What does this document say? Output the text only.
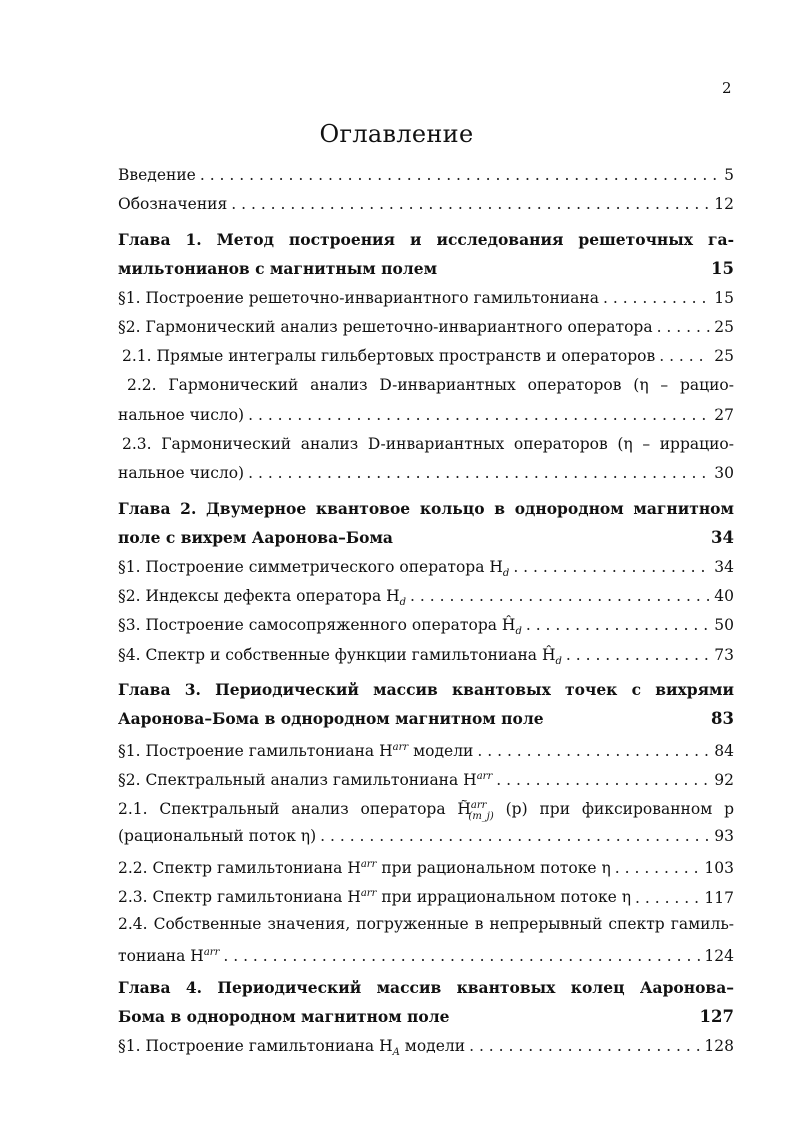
2
Оглавление
Введение . . .	5
Обозначения . . .	12
Глава 1. Метод построения и исследования решеточных га-
мильтонианов с магнитным полем	15
§1. Построение решеточно-инвариантного гамильтониана . . .	15
§2. Гармонический анализ решеточно-инвариантного оператора . . .	25
2.1. Прямые интегралы гильбертовых пространств и операторов . . .	25
2.2. Гармонический анализ D-инвариантных операторов (η – рацио-
нальное число) . . .	27
2.3. Гармонический анализ D-инвариантных операторов (η – иррацио-
нальное число) . . .	30
Глава 2. Двумерное квантовое кольцо в однородном магнитном
поле с вихрем Ааронова–Бома	34
§1. Построение симметрического оператора $H_d$ . . .	34
§2. Индексы дефекта оператора $H_d$ . . .	40
§3. Построение самосопряженного оператора $Ĥ_d$ . . .	50
§4. Спектр и собственные функции гамильтониана $Ĥ_d$ . . .	73
Глава 3. Периодический массив квантовых точек с вихрями
Ааронова–Бома в однородном магнитном поле	83
§1. Построение гамильтониана $H^{arr}$ модели . . .	84
§2. Спектральный анализ гамильтониана $H^{arr}$ . . .	92
2.1. Спектральный анализ оператора H̃$^{arr}_{(m\_j)}$ (p) при фиксированном p
(рациональный поток η) . . .	93
2.2. Спектр гамильтониана $H^{arr}$ при рациональном потоке η . . .	103
2.3. Спектр гамильтониана $H^{arr}$ при иррациональном потоке η . . .	117
2.4. Собственные значения, погруженные в непрерывный спектр гамиль-
тониана $H^{arr}$ . . .	124
Глава 4. Периодический массив квантовых колец Ааронова–
Бома в однородном магнитном поле	127
§1. Построение гамильтониана $H_A$ модели . . .	128
